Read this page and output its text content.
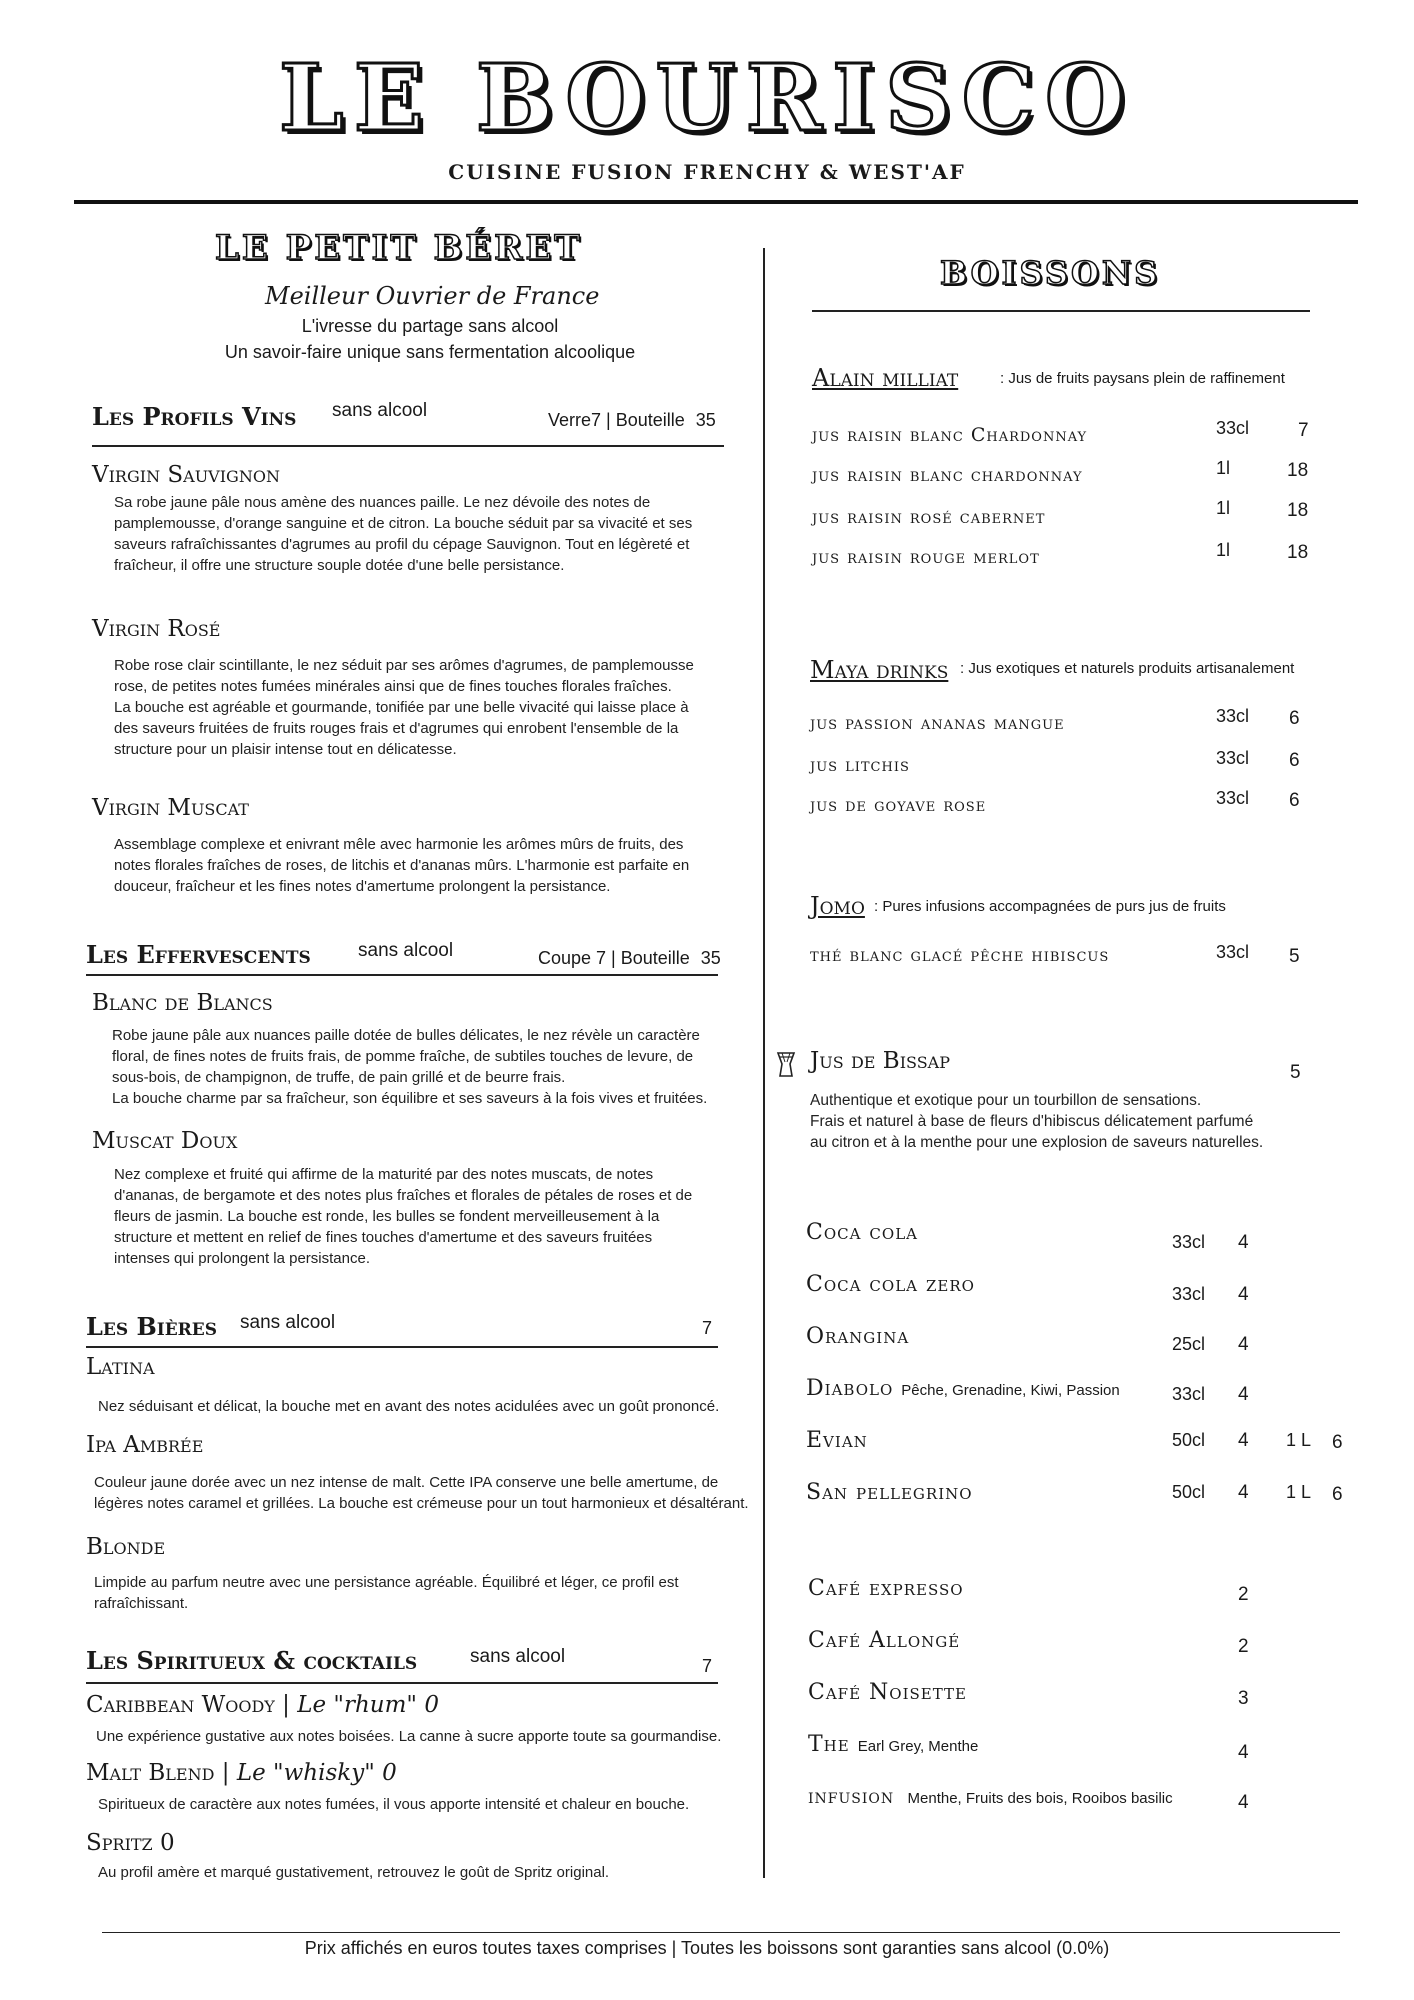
LE BOURISCO
CUISINE FUSION FRENCHY & WEST'AF
LE PETIT BÉRET
Meilleur Ouvrier de France
L'ivresse du partage sans alcool
Un savoir-faire unique sans fermentation alcoolique
Les Profils Vins sans alcool	Verre7 | Bouteille 35
Virgin Sauvignon
Sa robe jaune pâle nous amène des nuances paille. Le nez dévoile des notes de
pamplemousse, d'orange sanguine et de citron. La bouche séduit par sa vivacité et ses
saveurs rafraîchissantes d'agrumes au profil du cépage Sauvignon. Tout en légèreté et
fraîcheur, il offre une structure souple dotée d'une belle persistance.
Virgin Rosé
Robe rose clair scintillante, le nez séduit par ses arômes d'agrumes, de pamplemousse
rose, de petites notes fumées minérales ainsi que de fines touches florales fraîches.
La bouche est agréable et gourmande, tonifiée par une belle vivacité qui laisse place à
des saveurs fruitées de fruits rouges frais et d'agrumes qui enrobent l'ensemble de la
structure pour un plaisir intense tout en délicatesse.
Virgin Muscat
Assemblage complexe et enivrant mêle avec harmonie les arômes mûrs de fruits, des
notes florales fraîches de roses, de litchis et d'ananas mûrs. L'harmonie est parfaite en
douceur, fraîcheur et les fines notes d'amertume prolongent la persistance.
Les Effervescents sans alcool	Coupe 7 | Bouteille 35
Blanc de Blancs
Robe jaune pâle aux nuances paille dotée de bulles délicates, le nez révèle un caractère
floral, de fines notes de fruits frais, de pomme fraîche, de subtiles touches de levure, de
sous-bois, de champignon, de truffe, de pain grillé et de beurre frais.
La bouche charme par sa fraîcheur, son équilibre et ses saveurs à la fois vives et fruitées.
Muscat Doux
Nez complexe et fruité qui affirme de la maturité par des notes muscats, de notes
d'ananas, de bergamote et des notes plus fraîches et florales de pétales de roses et de
fleurs de jasmin. La bouche est ronde, les bulles se fondent merveilleusement à la
structure et mettent en relief de fines touches d'amertume et des saveurs fruitées
intenses qui prolongent la persistance.
Les Bières sans alcool	7
Latina
Nez séduisant et délicat, la bouche met en avant des notes acidulées avec un goût prononcé.
Ipa Ambrée
Couleur jaune dorée avec un nez intense de malt. Cette IPA conserve une belle amertume, de
légères notes caramel et grillées. La bouche est crémeuse pour un tout harmonieux et désaltérant.
Blonde
Limpide au parfum neutre avec une persistance agréable. Équilibré et léger, ce profil est
rafraîchissant.
Les Spiritueux & cocktails	sans alcool	7
Caribbean Woody | Le "rhum" 0
Une expérience gustative aux notes boisées. La canne à sucre apporte toute sa gourmandise.
Malt Blend | Le "whisky" 0
Spiritueux de caractère aux notes fumées, il vous apporte intensité et chaleur en bouche.
Spritz 0
Au profil amère et marqué gustativement, retrouvez le goût de Spritz original.
BOISSONS
Alain milliat	: Jus de fruits paysans plein de raffinement
jus raisin blanc Chardonnay	33cl	7
jus raisin blanc chardonnay	1l	18
jus raisin rosé cabernet	1l	18
jus raisin rouge merlot	1l	18
Maya drinks : Jus exotiques et naturels produits artisanalement
jus passion ananas mangue	33cl 6
jus litchis	33cl 6
jus de goyave rose	33cl 6
Jomo : Pures infusions accompagnées de purs jus de fruits
thé blanc glacé pêche hibiscus	33cl 5
Jus de Bissap	5
Authentique et exotique pour un tourbillon de sensations.
Frais et naturel à base de fleurs d'hibiscus délicatement parfumé
au citron et à la menthe pour une explosion de saveurs naturelles.
Coca cola	33cl 4
Coca cola zero	33cl 4
Orangina	25cl 4
Diabolo Pêche, Grenadine, Kiwi, Passion	33cl 4
Evian	50cl 4 1 L 6
San pellegrino	50cl 4 1 L 6
Café expresso	2
Café Allongé	2
Café Noisette	3
The Earl Grey, Menthe	4
infusion Menthe, Fruits des bois, Rooibos basilic	4
Prix affichés en euros toutes taxes comprises | Toutes les boissons sont garanties sans alcool (0.0%)
